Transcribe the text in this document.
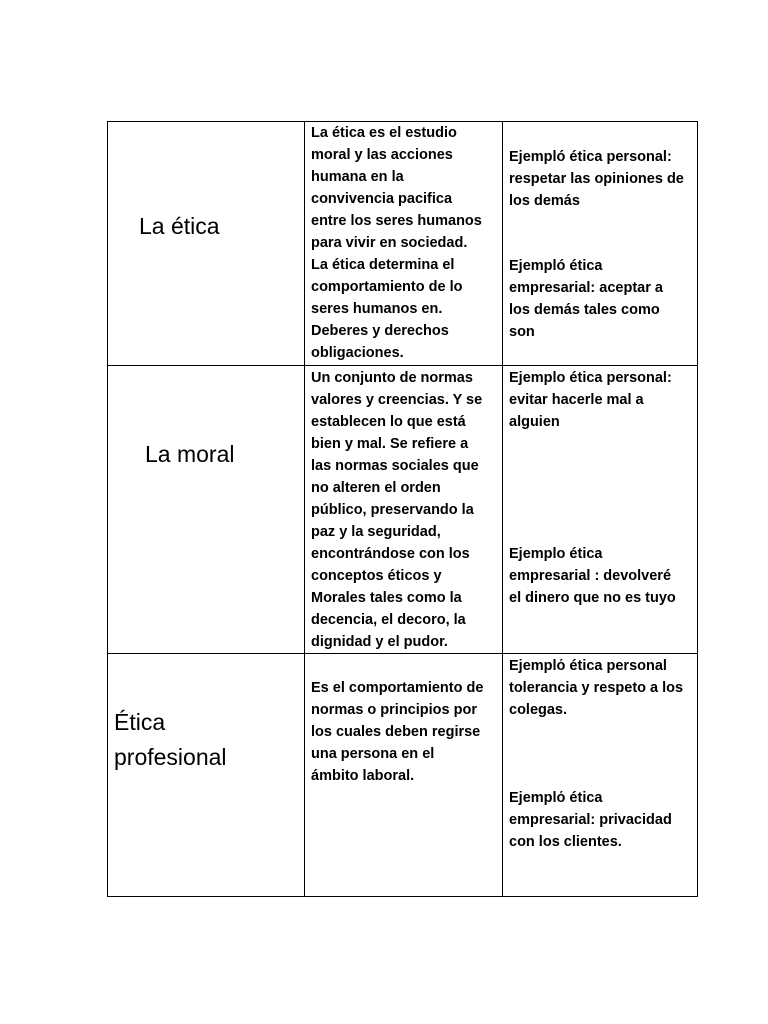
La ética
La ética es el estudio
moral y las acciones
humana en la
convivencia pacifica
entre los seres humanos
para vivir en sociedad.
La ética determina el
comportamiento de lo
seres humanos en.
Deberes y derechos
obligaciones.
Ejempló ética personal:
respetar las opiniones de
los demás
Ejempló ética
empresarial: aceptar a
los demás tales como
son
La moral
Un conjunto de normas
valores y creencias. Y se
establecen lo que está
bien y mal. Se refiere a
las normas sociales que
no alteren el orden
público, preservando la
paz y la seguridad,
encontrándose con los
conceptos éticos y
Morales tales como la
decencia, el decoro, la
dignidad y el pudor.
Ejemplo ética personal:
evitar hacerle mal a
alguien
Ejemplo ética
empresarial : devolveré
el dinero que no es tuyo
Ética
profesional
Es el comportamiento de
normas o principios por
los cuales deben regirse
una persona en el
ámbito laboral.
Ejemplό ética personal
tolerancia y respeto a los
colegas.
Ejemplό ética
empresarial: privacidad
con los clientes.
